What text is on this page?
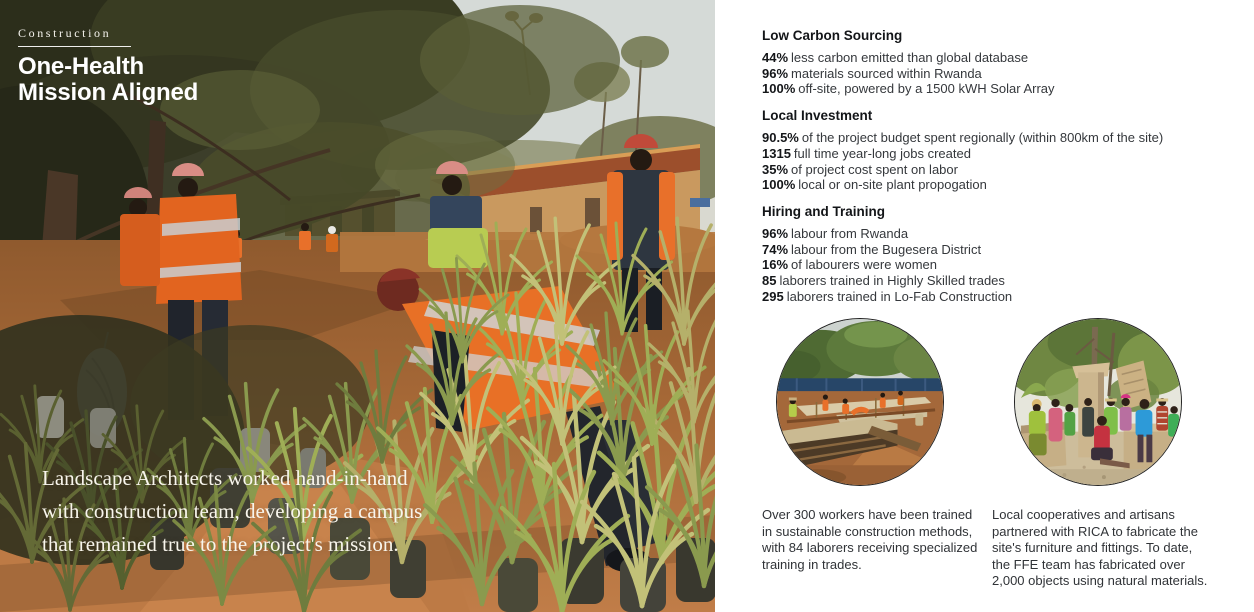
Construction
One-Health
Mission Aligned
Landscape Architects worked hand-in-hand
with construction team, developing a campus
that remained true to the project's mission.
Low Carbon Sourcing
44% less carbon emitted than global database
96% materials sourced within Rwanda
100% off-site, powered by a 1500 kWH Solar Array
Local Investment
90.5% of the project budget spent regionally (within 800km of the site)
1315 full time year-long jobs created
35% of project cost spent on labor
100% local or on-site plant propogation
Hiring and Training
96% labour from Rwanda
74% labour from the Bugesera District
16% of labourers were women
85 laborers trained in Highly Skilled trades
295 laborers trained in Lo-Fab Construction
Over 300 workers have been trained
in sustainable construction methods,
with 84 laborers receiving specialized
training in trades.
Local cooperatives and artisans
partnered with RICA to fabricate the
site's furniture and fittings. To date,
the FFE team has fabricated over
2,000 objects using natural materials.
